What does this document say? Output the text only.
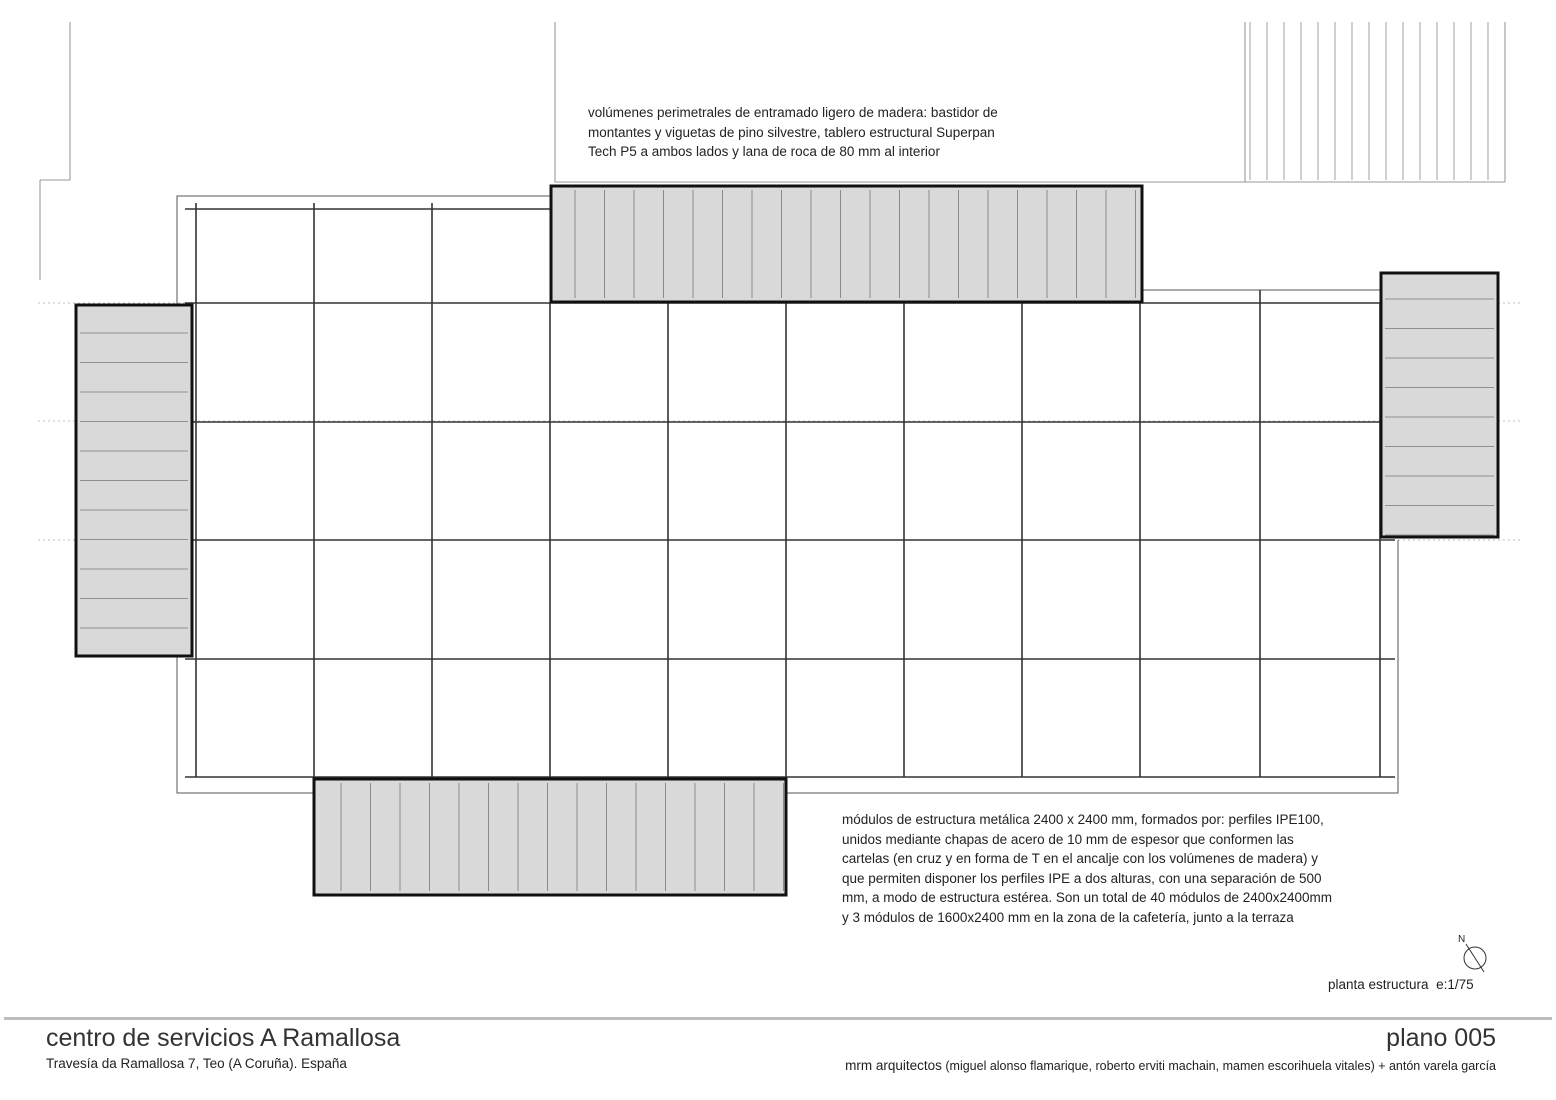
volúmenes perimetrales de entramado ligero de madera: bastidor de
montantes y viguetas de pino silvestre, tablero estructural Superpan
Tech P5 a ambos lados y lana de roca de 80 mm al interior
módulos de estructura metálica 2400 x 2400 mm, formados por: perfiles IPE100,
unidos mediante chapas de acero de 10 mm de espesor que conformen las
cartelas (en cruz y en forma de T en el ancalje con los volúmenes de madera) y
que permiten disponer los perfiles IPE a dos alturas, con una separación de 500
mm, a modo de estructura estérea. Son un total de 40 módulos de 2400x2400mm
y 3 módulos de 1600x2400 mm en la zona de la cafetería, junto a la terraza
N
planta estructura e:1/75
centro de servicios A Ramallosa
Travesía da Ramallosa 7, Teo (A Coruña). España
plano 005
mrm arquitectos (miguel alonso flamarique, roberto erviti machain, mamen escorihuela vitales) + antón varela garcía
